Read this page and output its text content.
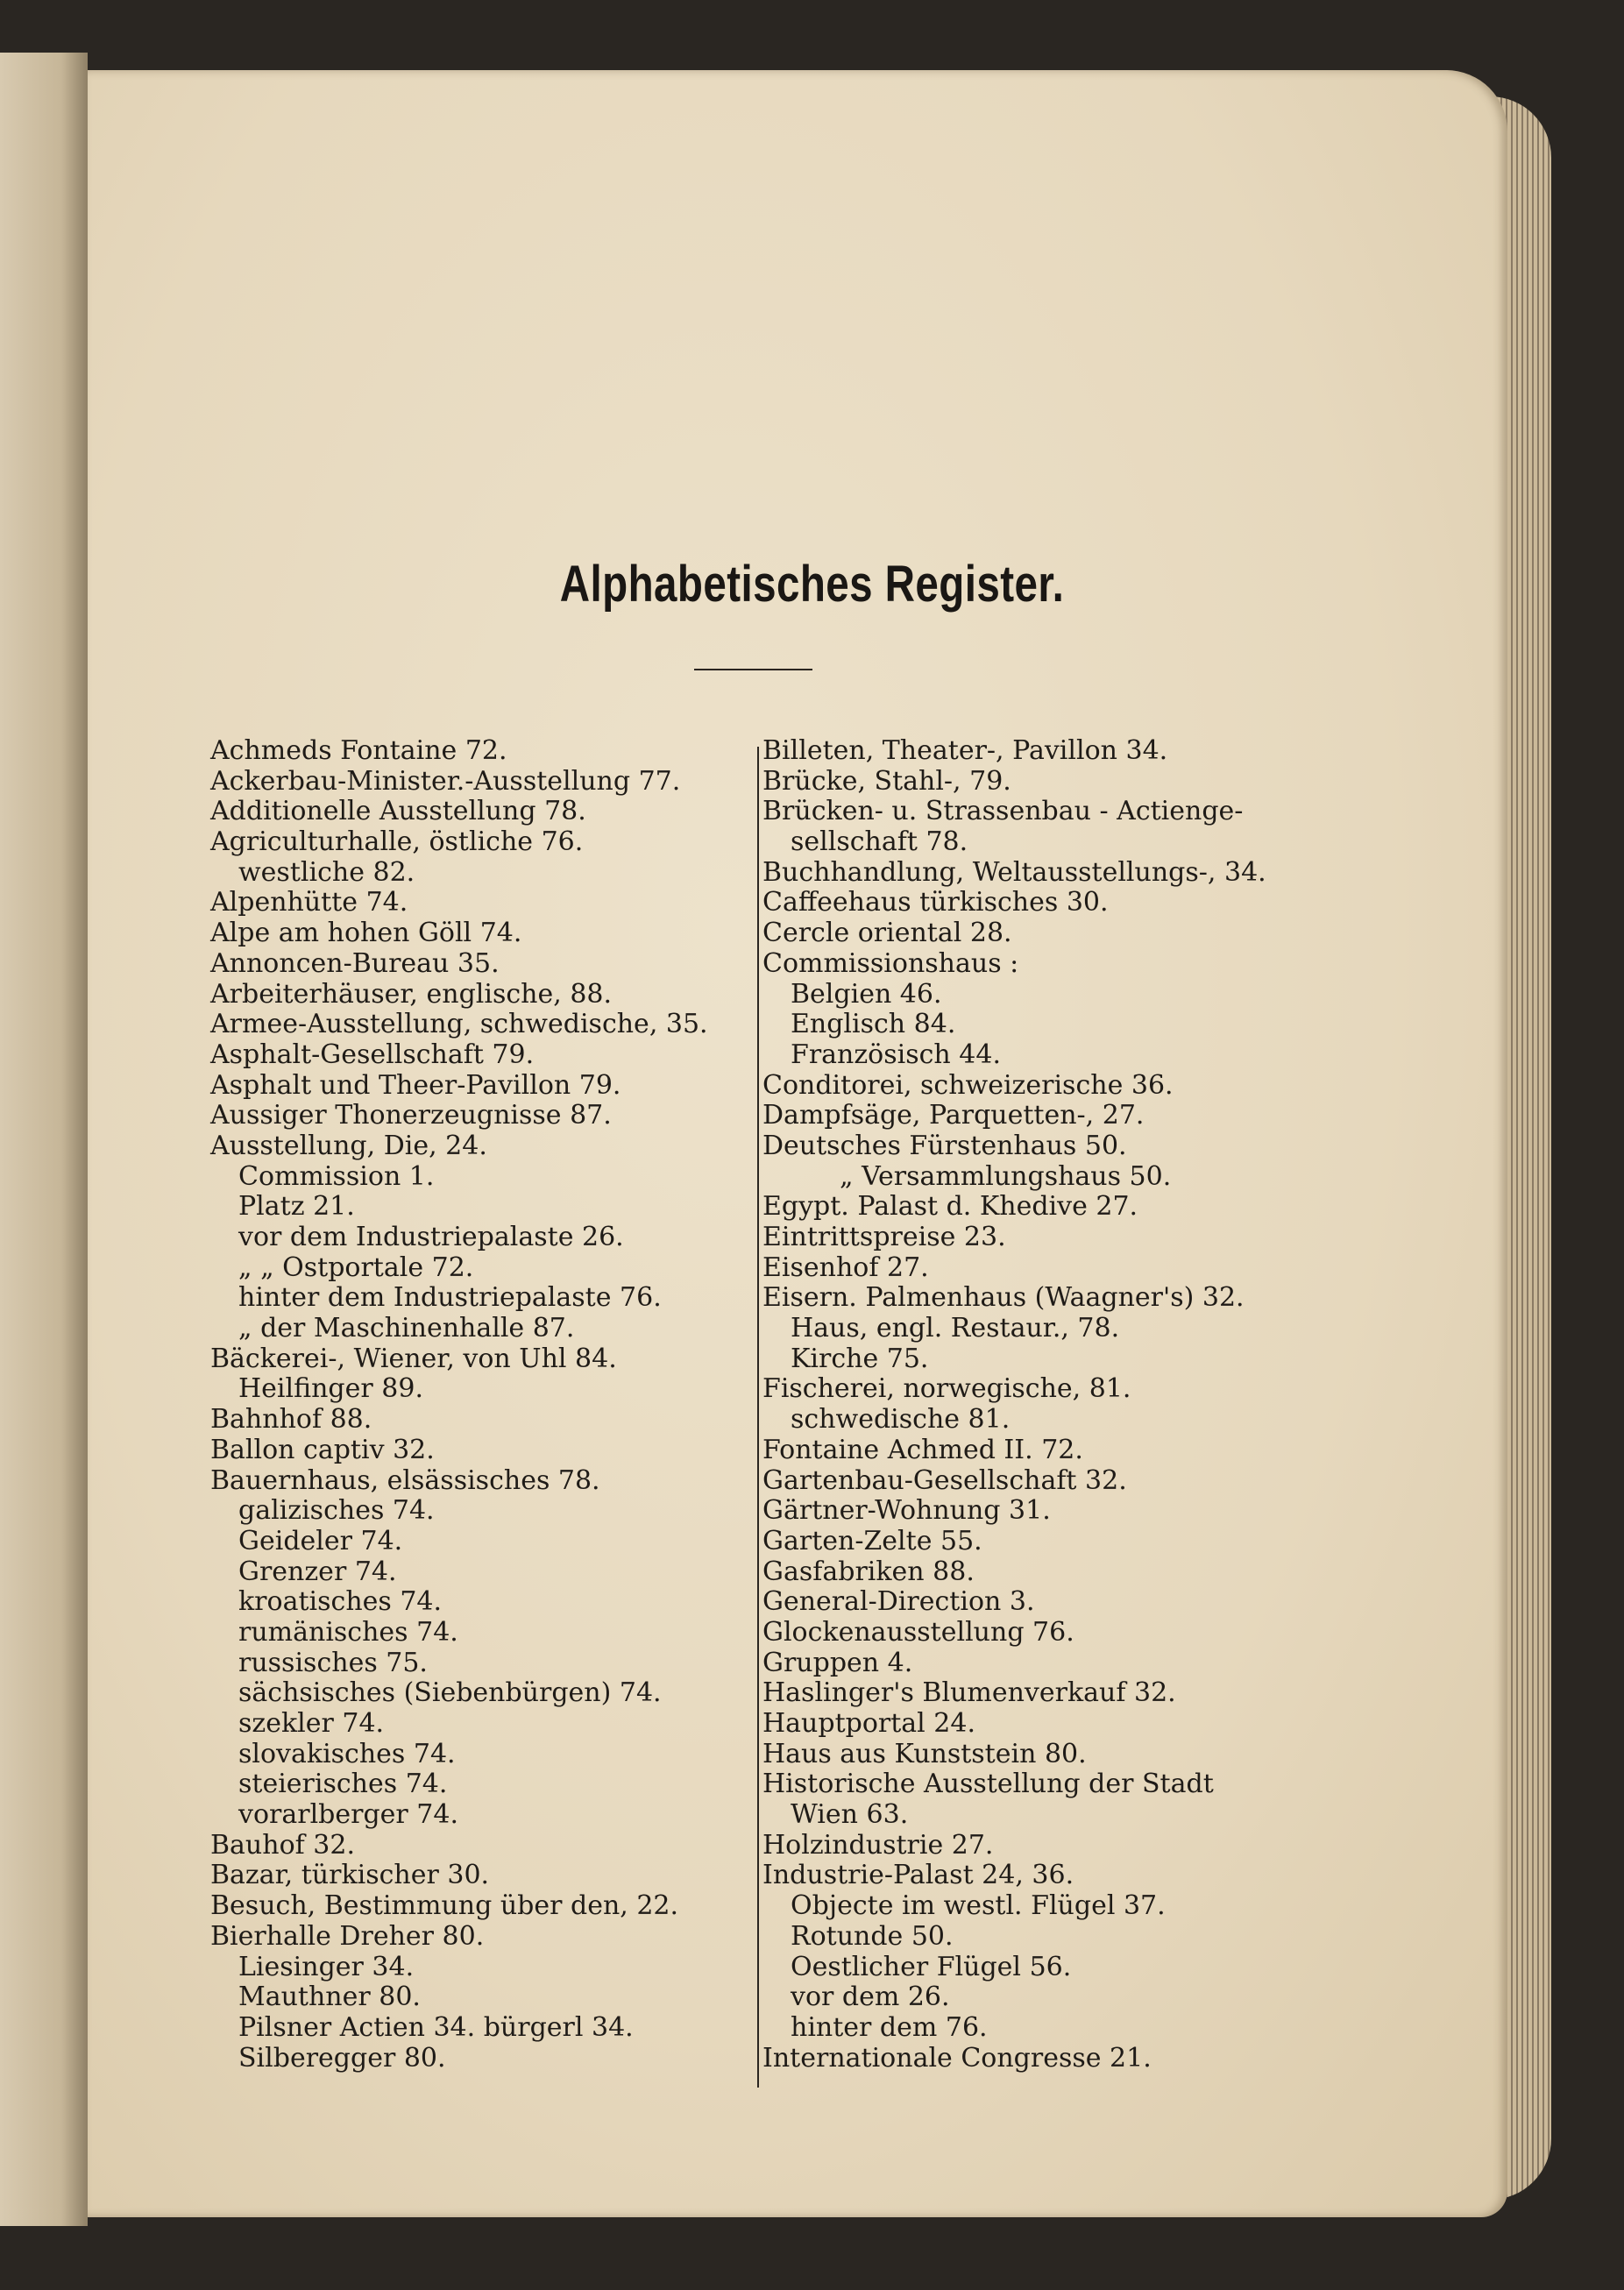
Alphabetisches Register.
Achmeds Fontaine 72.
Ackerbau-Minister.-Ausstellung 77.
Additionelle Ausstellung 78.
Agriculturhalle, östliche 76.
westliche 82.
Alpenhütte 74.
Alpe am hohen Göll 74.
Annoncen-Bureau 35.
Arbeiterhäuser, englische, 88.
Armee-Ausstellung, schwedische, 35.
Asphalt-Gesellschaft 79.
Asphalt und Theer-Pavillon 79.
Aussiger Thonerzeugnisse 87.
Ausstellung, Die, 24.
Commission 1.
Platz 21.
vor dem Industriepalaste 26.
„ „ Ostportale 72.
hinter dem Industriepalaste 76.
„ der Maschinenhalle 87.
Bäckerei-, Wiener, von Uhl 84.
Heilfinger 89.
Bahnhof 88.
Ballon captiv 32.
Bauernhaus, elsässisches 78.
galizisches 74.
Geideler 74.
Grenzer 74.
kroatisches 74.
rumänisches 74.
russisches 75.
sächsisches (Siebenbürgen) 74.
szekler 74.
slovakisches 74.
steierisches 74.
vorarlberger 74.
Bauhof 32.
Bazar, türkischer 30.
Besuch, Bestimmung über den, 22.
Bierhalle Dreher 80.
Liesinger 34.
Mauthner 80.
Pilsner Actien 34. bürgerl 34.
Silberegger 80.
Billeten, Theater-, Pavillon 34.
Brücke, Stahl-, 79.
Brücken- u. Strassenbau - Actienge-
sellschaft 78.
Buchhandlung, Weltausstellungs-, 34.
Caffeehaus türkisches 30.
Cercle oriental 28.
Commissionshaus :
Belgien 46.
Englisch 84.
Französisch 44.
Conditorei, schweizerische 36.
Dampfsäge, Parquetten-, 27.
Deutsches Fürstenhaus 50.
„ Versammlungshaus 50.
Egypt. Palast d. Khedive 27.
Eintrittspreise 23.
Eisenhof 27.
Eisern. Palmenhaus (Waagner's) 32.
Haus, engl. Restaur., 78.
Kirche 75.
Fischerei, norwegische, 81.
schwedische 81.
Fontaine Achmed II. 72.
Gartenbau-Gesellschaft 32.
Gärtner-Wohnung 31.
Garten-Zelte 55.
Gasfabriken 88.
General-Direction 3.
Glockenausstellung 76.
Gruppen 4.
Haslinger's Blumenverkauf 32.
Hauptportal 24.
Haus aus Kunststein 80.
Historische Ausstellung der Stadt
Wien 63.
Holzindustrie 27.
Industrie-Palast 24, 36.
Objecte im westl. Flügel 37.
Rotunde 50.
Oestlicher Flügel 56.
vor dem 26.
hinter dem 76.
Internationale Congresse 21.
